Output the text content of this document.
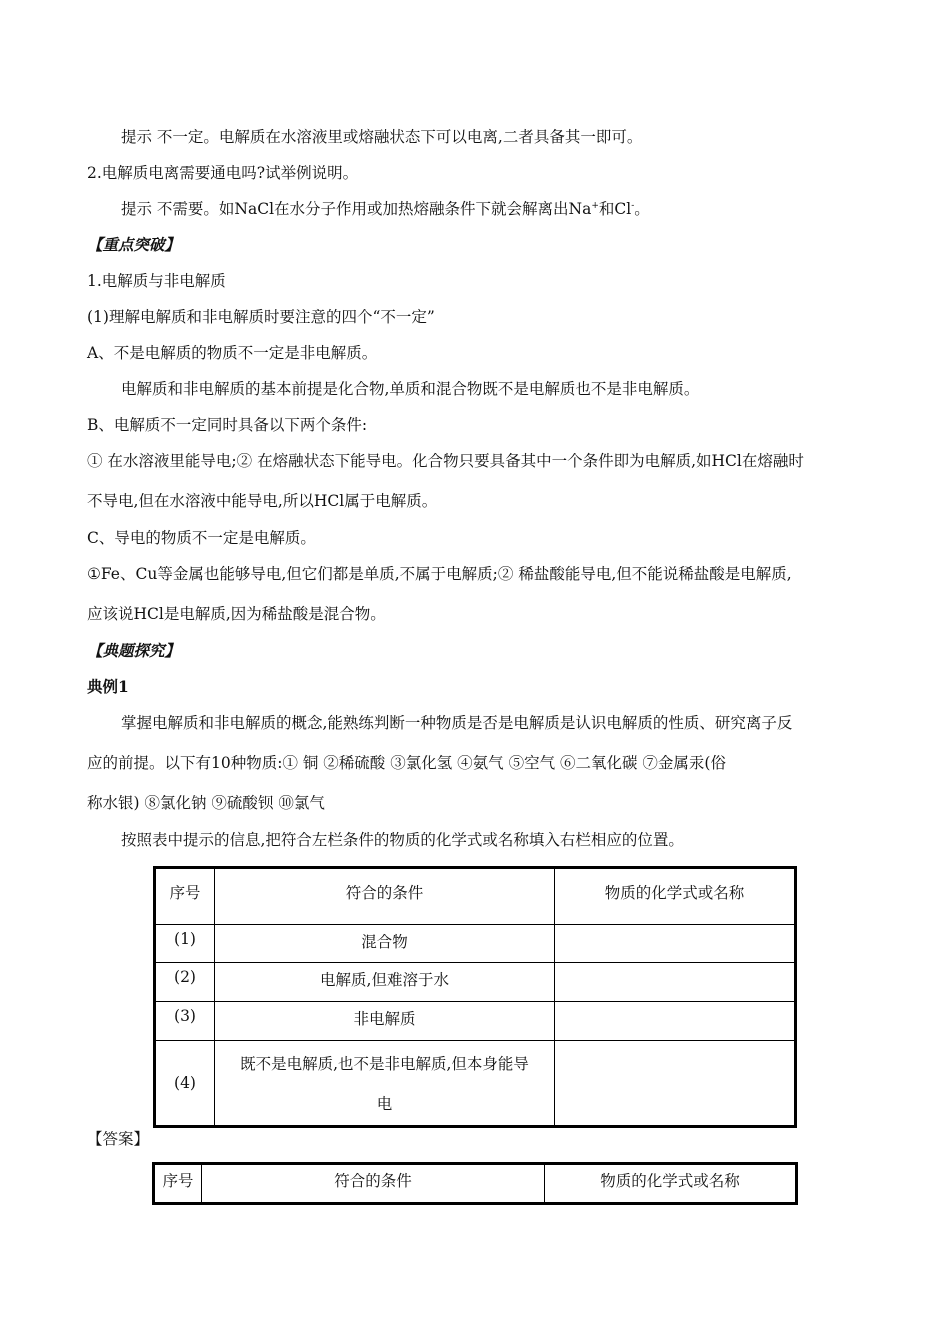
提示 不一定。电解质在水溶液里或熔融状态下可以电离,二者具备其一即可。
2.电解质电离需要通电吗?试举例说明。
提示 不需要。如NaCl在水分子作用或加热熔融条件下就会解离出Na+和Cl-。
【重点突破】
1.电解质与非电解质
(1)理解电解质和非电解质时要注意的四个“不一定”
A、不是电解质的物质不一定是非电解质。
电解质和非电解质的基本前提是化合物,单质和混合物既不是电解质也不是非电解质。
B、电解质不一定同时具备以下两个条件:
① 在水溶液里能导电;② 在熔融状态下能导电。化合物只要具备其中一个条件即为电解质,如HCl在熔融时
不导电,但在水溶液中能导电,所以HCl属于电解质。
C、导电的物质不一定是电解质。
①Fe、Cu等金属也能够导电,但它们都是单质,不属于电解质;② 稀盐酸能导电,但不能说稀盐酸是电解质,
应该说HCl是电解质,因为稀盐酸是混合物。
【典题探究】
典例1
掌握电解质和非电解质的概念,能熟练判断一种物质是否是电解质是认识电解质的性质、研究离子反
应的前提。以下有10种物质:① 铜 ②稀硫酸 ③氯化氢 ④氨气 ⑤空气 ⑥二氧化碳 ⑦金属汞(俗
称水银) ⑧氯化钠 ⑨硫酸钡 ⑩氯气
按照表中提示的信息,把符合左栏条件的物质的化学式或名称填入右栏相应的位置。
序号	符合的条件	物质的化学式或名称
(1)	混合物	
(2)	电解质,但难溶于水	
(3)	非电解质	
(4)	既不是电解质,也不是非电解质,但本身能导
电	

【答案】
序号	符合的条件	物质的化学式或名称
